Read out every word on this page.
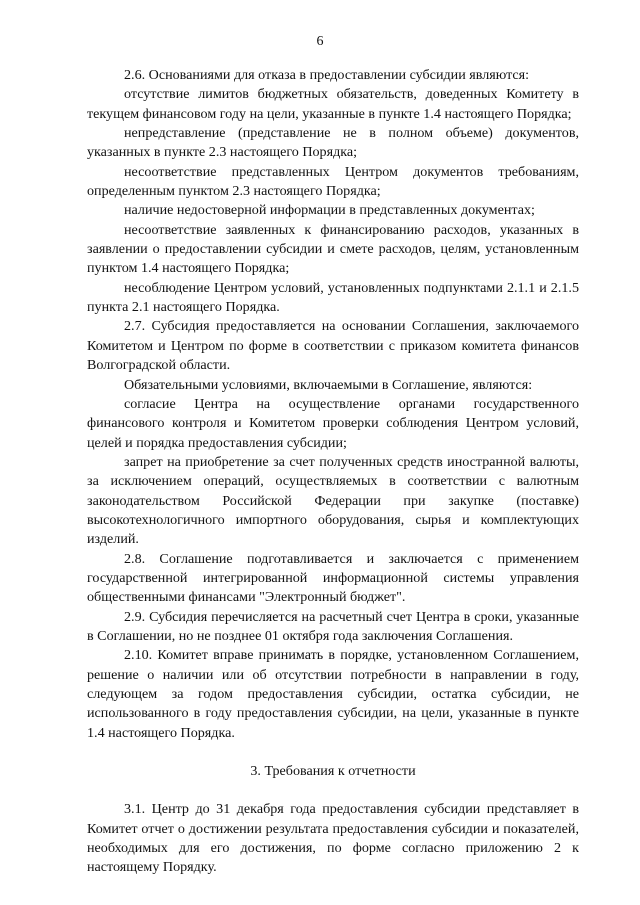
6

2.6. Основаниями для отказа в предоставлении субсидии являются:

отсутствие лимитов бюджетных обязательств, доведенных Комитету в текущем финансовом году на цели, указанные в пункте 1.4 настоящего Порядка;

непредставление (представление не в полном объеме) документов, указанных в пункте 2.3 настоящего Порядка;

несоответствие представленных Центром документов требованиям, определенным пунктом 2.3 настоящего Порядка;

наличие недостоверной информации в представленных документах;

несоответствие заявленных к финансированию расходов, указанных в заявлении о предоставлении субсидии и смете расходов, целям, установленным пунктом 1.4 настоящего Порядка;

несоблюдение Центром условий, установленных подпунктами 2.1.1 и 2.1.5 пункта 2.1 настоящего Порядка.

2.7. Субсидия предоставляется на основании Соглашения, заключаемого Комитетом и Центром по форме в соответствии с приказом комитета финансов Волгоградской области.

Обязательными условиями, включаемыми в Соглашение, являются:

согласие Центра на осуществление органами государственного финансового контроля и Комитетом проверки соблюдения Центром условий, целей и порядка предоставления субсидии;

запрет на приобретение за счет полученных средств иностранной валюты, за исключением операций, осуществляемых в соответствии с валютным законодательством Российской Федерации при закупке (поставке) высокотехнологичного импортного оборудования, сырья и комплектующих изделий.

2.8. Соглашение подготавливается и заключается с применением государственной интегрированной информационной системы управления общественными финансами "Электронный бюджет".

2.9. Субсидия перечисляется на расчетный счет Центра в сроки, указанные в Соглашении, но не позднее 01 октября года заключения Соглашения.

2.10. Комитет вправе принимать в порядке, установленном Соглашением, решение о наличии или об отсутствии потребности в направлении в году, следующем за годом предоставления субсидии, остатка субсидии, не использованного в году предоставления субсидии, на цели, указанные в пункте 1.4 настоящего Порядка.

3. Требования к отчетности

3.1. Центр до 31 декабря года предоставления субсидии представляет в Комитет отчет о достижении результата предоставления субсидии и показателей, необходимых для его достижения, по форме согласно приложению 2 к настоящему Порядку.
